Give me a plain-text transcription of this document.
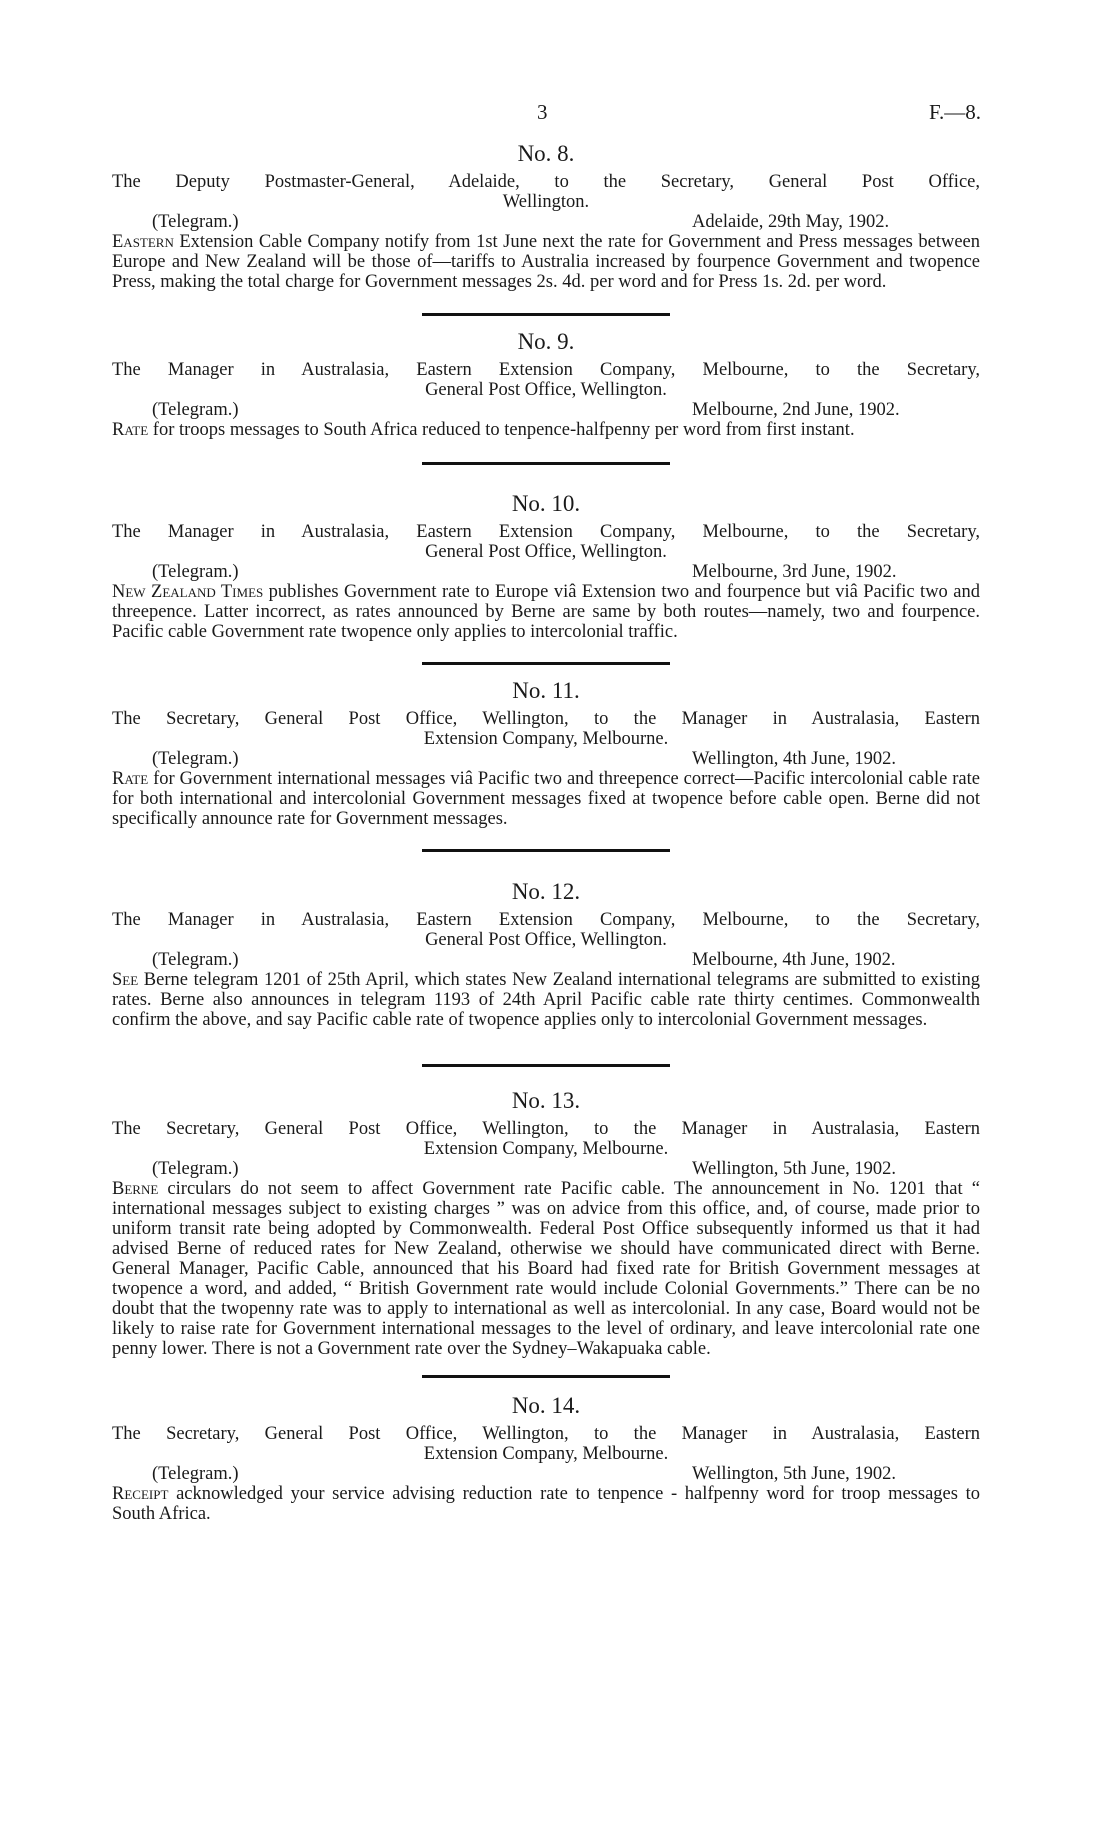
3	F.—8.
No. 8.
The Deputy Postmaster-General, Adelaide, to the Secretary, General Post Office,
Wellington.
(Telegram.)	Adelaide, 29th May, 1902.

Eastern Extension Cable Company notify from 1st June next the rate for Government and Press messages between Europe and New Zealand will be those of—tariffs to Australia increased by fourpence Government and twopence Press, making the total charge for Government messages 2s. 4d. per word and for Press 1s. 2d. per word.

No. 9.
The Manager in Australasia, Eastern Extension Company, Melbourne, to the Secretary,
General Post Office, Wellington.
(Telegram.)	Melbourne, 2nd June, 1902.

Rate for troops messages to South Africa reduced to tenpence-halfpenny per word from first instant.

No. 10.
The Manager in Australasia, Eastern Extension Company, Melbourne, to the Secretary,
General Post Office, Wellington.
(Telegram.)	Melbourne, 3rd June, 1902.

New Zealand Times publishes Government rate to Europe viâ Extension two and fourpence but viâ Pacific two and threepence. Latter incorrect, as rates announced by Berne are same by both routes—namely, two and fourpence. Pacific cable Government rate twopence only applies to intercolonial traffic.

No. 11.
The Secretary, General Post Office, Wellington, to the Manager in Australasia, Eastern
Extension Company, Melbourne.
(Telegram.)	Wellington, 4th June, 1902.

Rate for Government international messages viâ Pacific two and threepence correct—Pacific intercolonial cable rate for both international and intercolonial Government messages fixed at twopence before cable open. Berne did not specifically announce rate for Government messages.

No. 12.
The Manager in Australasia, Eastern Extension Company, Melbourne, to the Secretary,
General Post Office, Wellington.
(Telegram.)	Melbourne, 4th June, 1902.

See Berne telegram 1201 of 25th April, which states New Zealand international telegrams are submitted to existing rates. Berne also announces in telegram 1193 of 24th April Pacific cable rate thirty centimes. Commonwealth confirm the above, and say Pacific cable rate of twopence applies only to intercolonial Government messages.

No. 13.
The Secretary, General Post Office, Wellington, to the Manager in Australasia, Eastern
Extension Company, Melbourne.
(Telegram.)	Wellington, 5th June, 1902.

Berne circulars do not seem to affect Government rate Pacific cable. The announcement in No. 1201 that “ international messages subject to existing charges ” was on advice from this office, and, of course, made prior to uniform transit rate being adopted by Commonwealth. Federal Post Office subsequently informed us that it had advised Berne of reduced rates for New Zealand, otherwise we should have communicated direct with Berne. General Manager, Pacific Cable, announced that his Board had fixed rate for British Government messages at twopence a word, and added, “ British Government rate would include Colonial Governments.” There can be no doubt that the twopenny rate was to apply to international as well as intercolonial. In any case, Board would not be likely to raise rate for Government international messages to the level of ordinary, and leave intercolonial rate one penny lower. There is not a Government rate over the Sydney–Wakapuaka cable.

No. 14.
The Secretary, General Post Office, Wellington, to the Manager in Australasia, Eastern
Extension Company, Melbourne.
(Telegram.)	Wellington, 5th June, 1902.

Receipt acknowledged your service advising reduction rate to tenpence - halfpenny word for troop messages to South Africa.
